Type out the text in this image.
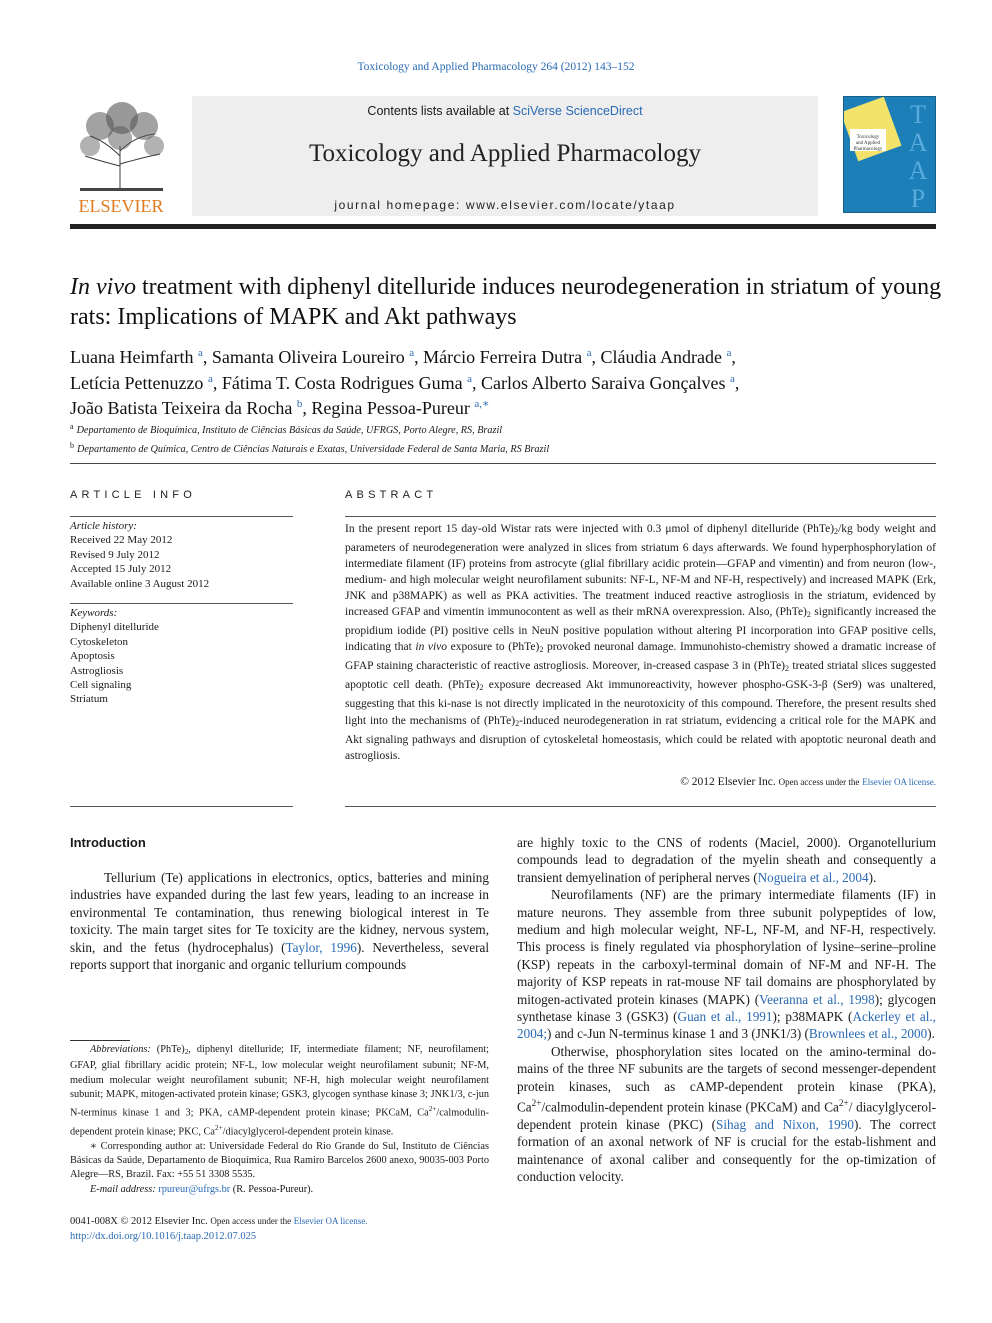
Toxicology and Applied Pharmacology 264 (2012) 143–152
ELSEVIER
Contents lists available at SciVerse ScienceDirect
Toxicology and Applied Pharmacology
journal homepage: www.elsevier.com/locate/ytaap
T
A
A
P
Toxicology
and Applied
Pharmacology
In vivo treatment with diphenyl ditelluride induces neurodegeneration in striatum of young rats: Implications of MAPK and Akt pathways
Luana Heimfarth $^a$, Samanta Oliveira Loureiro $^a$, Márcio Ferreira Dutra $^a$, Cláudia Andrade $^a$,
Letícia Pettenuzzo $^a$, Fátima T. Costa Rodrigues Guma $^a$, Carlos Alberto Saraiva Gonçalves $^a$,
João Batista Teixeira da Rocha $^b$, Regina Pessoa-Pureur $^{a,∗}$
$^a$ Departamento de Bioquímica, Instituto de Ciências Básicas da Saúde, UFRGS, Porto Alegre, RS, Brazil
$^b$ Departamento de Química, Centro de Ciências Naturais e Exatas, Universidade Federal de Santa Maria, RS Brazil
ARTICLE INFO
Article history:
Received 22 May 2012
Revised 9 July 2012
Accepted 15 July 2012
Available online 3 August 2012
Keywords:
Diphenyl ditelluride
Cytoskeleton
Apoptosis
Astrogliosis
Cell signaling
Striatum
ABSTRACT
In the present report 15 day-old Wistar rats were injected with 0.3 μmol of diphenyl ditelluride $(PhTe)_2/kg$ body weight and parameters of neurodegeneration were analyzed in slices from striatum 6 days afterwards. We found hyperphosphorylation of intermediate filament (IF) proteins from astrocyte (glial fibrillary acidic protein—GFAP and vimentin) and from neuron (low-, medium- and high molecular weight neurofilament subunits: NF-L, NF-M and NF-H, respectively) and increased MAPK (Erk, JNK and p38MAPK) as well as PKA activities. The treatment induced reactive astrogliosis in the striatum, evidenced by increased GFAP and vimentin immunocontent as well as their mRNA overexpression. Also, $(PhTe)_2$ significantly increased the propidium iodide (PI) positive cells in NeuN positive population without altering PI incorporation into GFAP positive cells, indicating that in vivo exposure to $(PhTe)_2$ provoked neuronal damage. Immunohisto-chemistry showed a dramatic increase of GFAP staining characteristic of reactive astrogliosis. Moreover, in-creased caspase 3 in $(PhTe)_2$ treated striatal slices suggested apoptotic cell death. $(PhTe)_2$ exposure decreased Akt immunoreactivity, however phospho-GSK-3-β (Ser9) was unaltered, suggesting that this ki-nase is not directly implicated in the neurotoxicity of this compound. Therefore, the present results shed light into the mechanisms of $(PhTe)_2$-induced neurodegeneration in rat striatum, evidencing a critical role for the MAPK and Akt signaling pathways and disruption of cytoskeletal homeostasis, which could be related with apoptotic neuronal death and astrogliosis.
© 2012 Elsevier Inc. Open access under the Elsevier OA license.
Introduction

Tellurium (Te) applications in electronics, optics, batteries and mining industries have expanded during the last few years, leading to an increase in environmental Te contamination, thus renewing biological interest in Te toxicity. The main target sites for Te toxicity are the kidney, nervous system, skin, and the fetus (hydrocephalus) (Taylor, 1996). Nevertheless, several reports support that inorganic and organic tellurium compounds

Abbreviations: $(PhTe)_2$, diphenyl ditelluride; IF, intermediate filament; NF, neurofilament; GFAP, glial fibrillary acidic protein; NF-L, low molecular weight neurofilament subunit; NF-M, medium molecular weight neurofilament subunit; NF-H, high molecular weight neurofilament subunit; MAPK, mitogen-activated protein kinase; GSK3, glycogen synthase kinase 3; JNK1/3, c-jun N-terminus kinase 1 and 3; PKA, cAMP-dependent protein kinase; PKCaM, $Ca^{2+}/calmodulin$-dependent protein kinase; PKC, $Ca^{2+}/diacylglycerol$-dependent protein kinase.

∗ Corresponding author at: Universidade Federal do Rio Grande do Sul, Instituto de Ciências Básicas da Saúde, Departamento de Bioquímica, Rua Ramiro Barcelos 2600 anexo, 90035-003 Porto Alegre—RS, Brazil. Fax: +55 51 3308 5535.

E-mail address: rpureur@ufrgs.br (R. Pessoa-Pureur).

0041-008X © 2012 Elsevier Inc. Open access under the Elsevier OA license.
http://dx.doi.org/10.1016/j.taap.2012.07.025

are highly toxic to the CNS of rodents (Maciel, 2000). Organotellurium compounds lead to degradation of the myelin sheath and consequently a transient demyelination of peripheral nerves (Nogueira et al., 2004).

Neurofilaments (NF) are the primary intermediate filaments (IF) in mature neurons. They assemble from three subunit polypeptides of low, medium and high molecular weight, NF-L, NF-M, and NF-H, respectively. This process is finely regulated via phosphorylation of lysine–serine–proline (KSP) repeats in the carboxyl-terminal domain of NF-M and NF-H. The majority of KSP repeats in rat-mouse NF tail domains are phosphorylated by mitogen-activated protein kinases (MAPK) (Veeranna et al., 1998); glycogen synthetase kinase 3 (GSK3) (Guan et al., 1991); p38MAPK (Ackerley et al., 2004;) and c-Jun N-terminus kinase 1 and 3 (JNK1/3) (Brownlees et al., 2000).

Otherwise, phosphorylation sites located on the amino-terminal do-mains of the three NF subunits are the targets of second messenger-dependent protein kinases, such as cAMP-dependent protein kinase (PKA), $Ca^{2+}/calmodulin$-dependent protein kinase (PKCaM) and $Ca^{2+}/$ diacylglycerol-dependent protein kinase (PKC) (Sihag and Nixon, 1990). The correct formation of an axonal network of NF is crucial for the estab-lishment and maintenance of axonal caliber and consequently for the op-timization of conduction velocity.
